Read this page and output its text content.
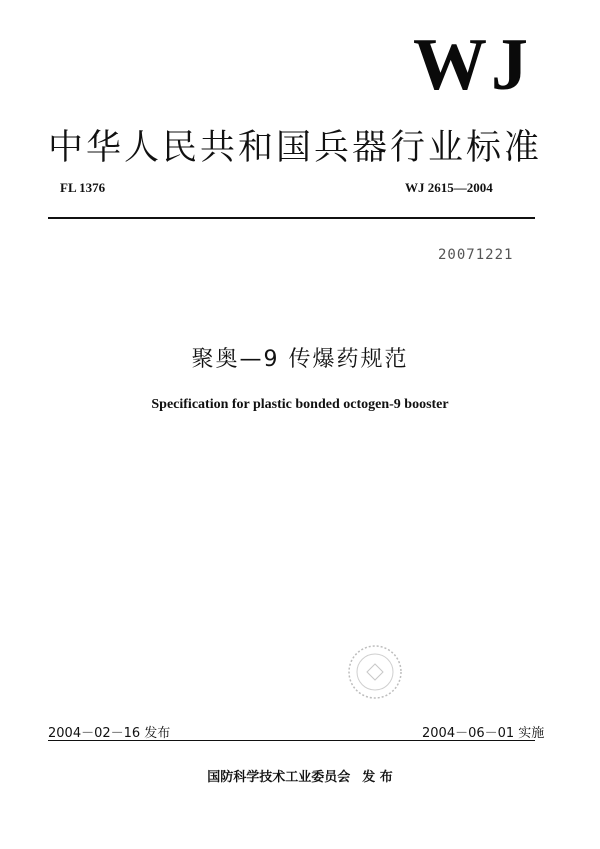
WJ
中华人民共和国兵器行业标准
FL 1376	WJ 2615—2004
20071221
聚奥—9 传爆药规范
Specification for plastic bonded octogen-9 booster
2004－02－16 发布	2004－06－01 实施
国防科学技术工业委员会 发 布
